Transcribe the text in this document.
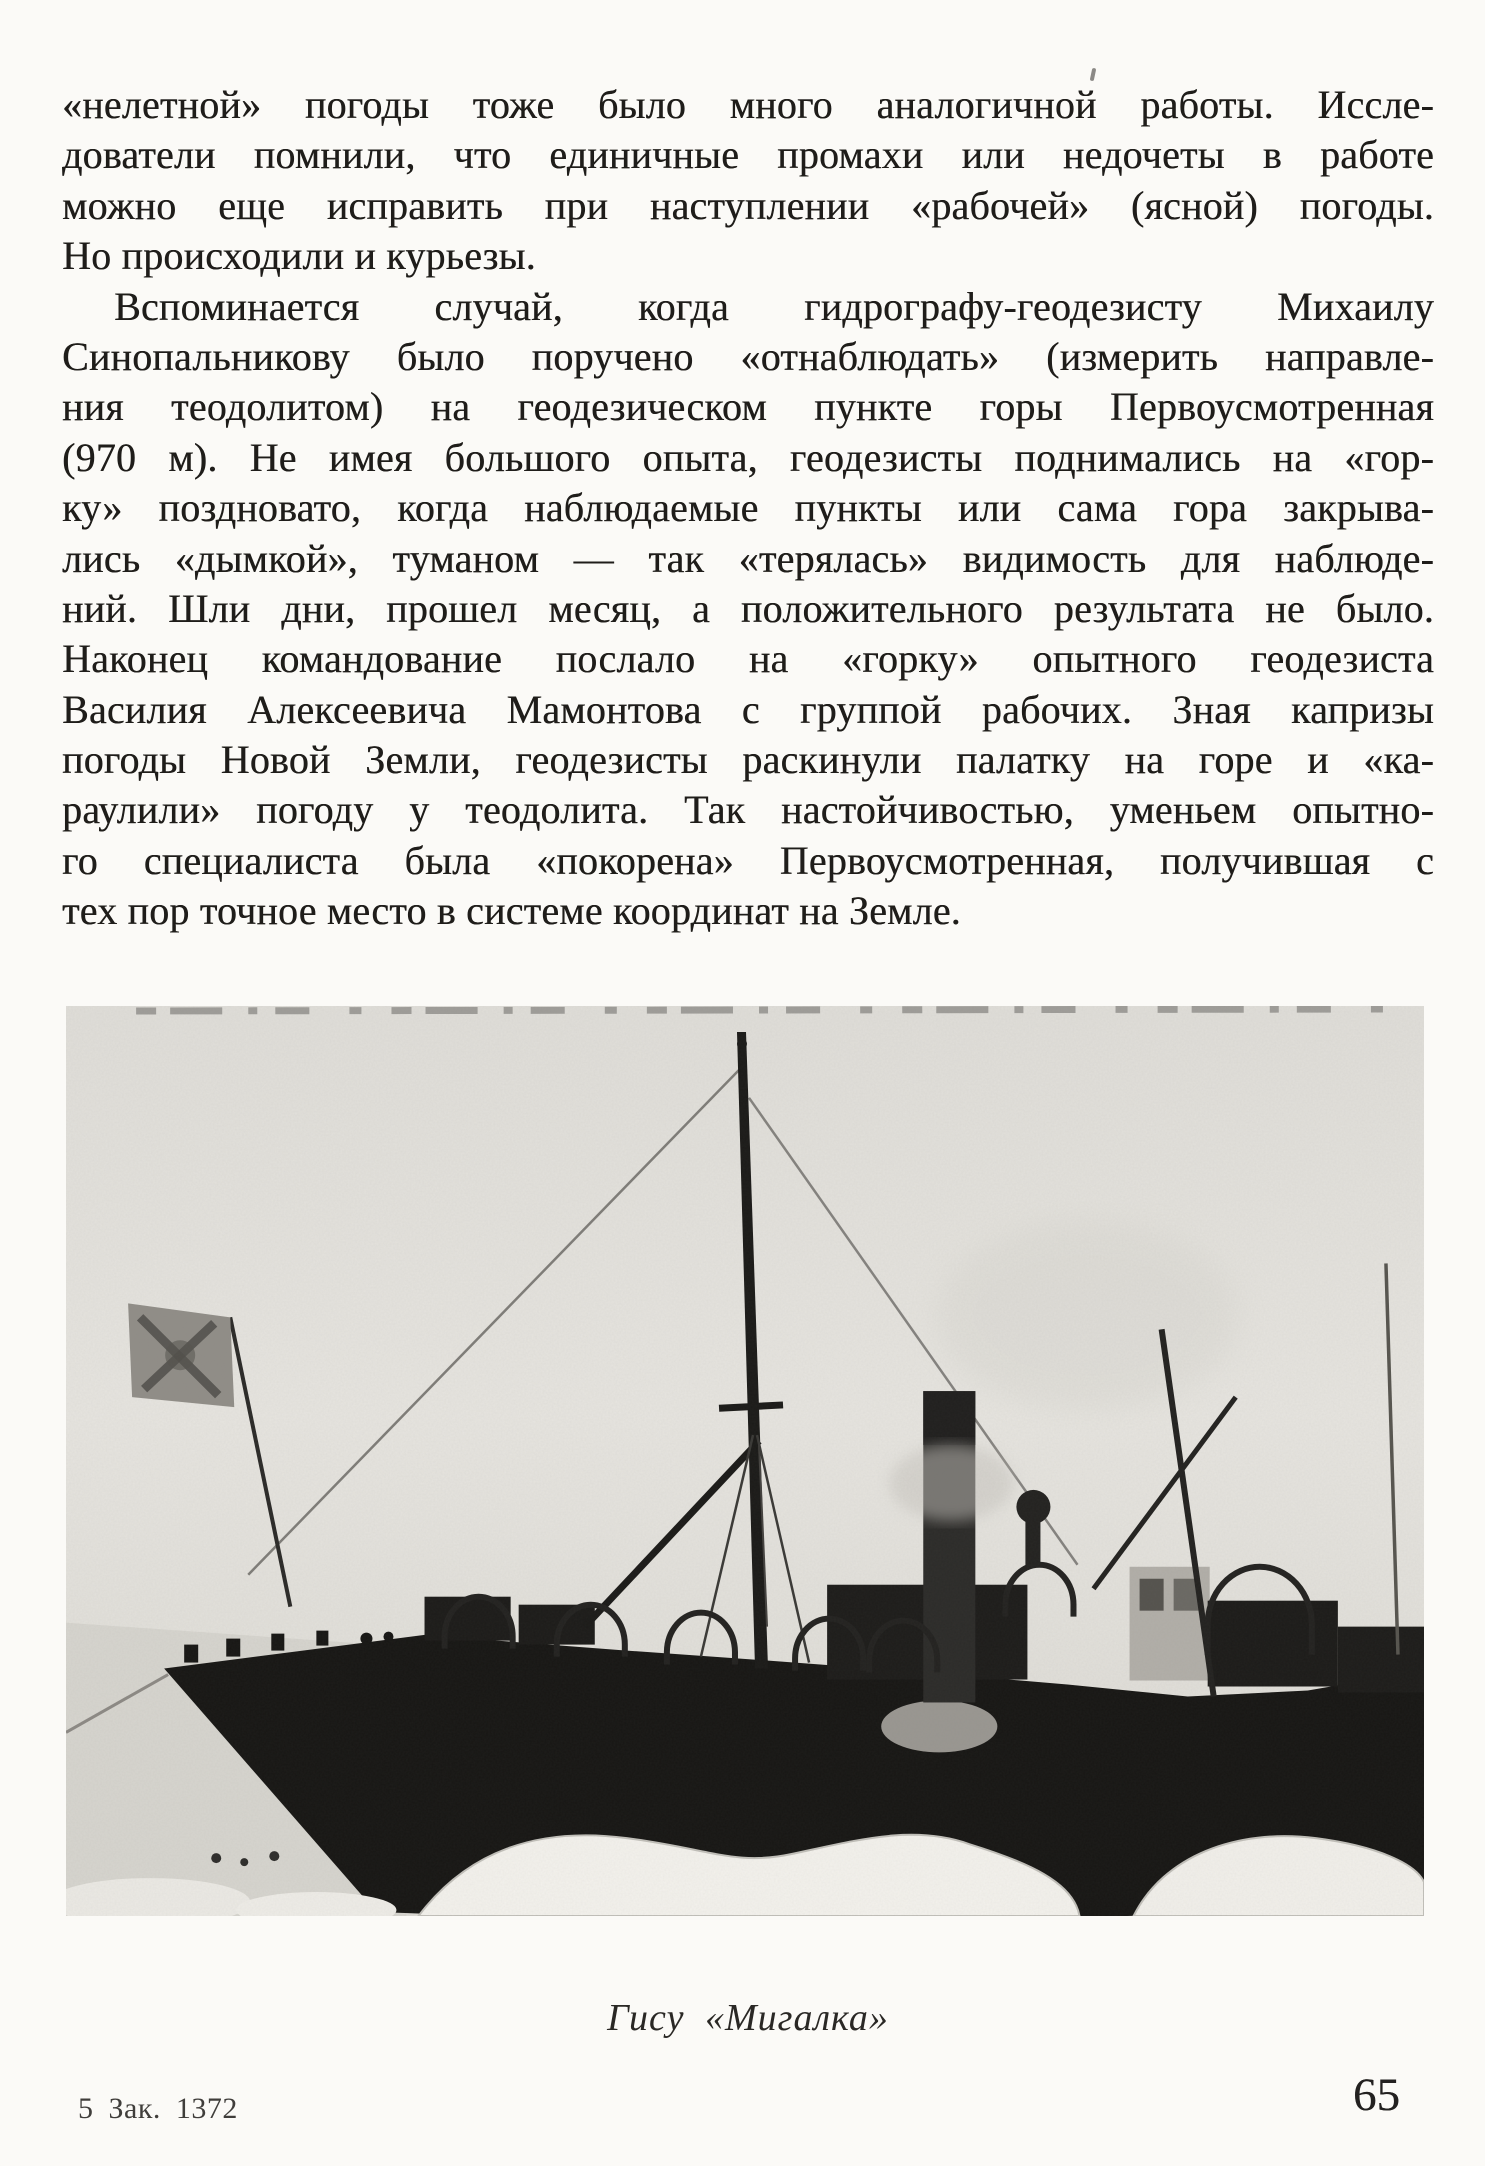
«нелетной» погоды тоже было много аналогичной работы. Иссле-
дователи помнили, что единичные промахи или недочеты в работе
можно еще исправить при наступлении «рабочей» (ясной) погоды.
Но происходили и курьезы.
Вспоминается случай, когда гидрографу-геодезисту Михаилу
Синопальникову было поручено «отнаблюдать» (измерить направле-
ния теодолитом) на геодезическом пункте горы Первоусмотренная
(970 м). Не имея большого опыта, геодезисты поднимались на «гор-
ку» поздновато, когда наблюдаемые пункты или сама гора закрыва-
лись «дымкой», туманом — так «терялась» видимость для наблюде-
ний. Шли дни, прошел месяц, а положительного результата не было.
Наконец командование послало на «горку» опытного геодезиста
Василия Алексеевича Мамонтова с группой рабочих. Зная капризы
погоды Новой Земли, геодезисты раскинули палатку на горе и «ка-
раулили» погоду у теодолита. Так настойчивостью, уменьем опытно-
го специалиста была «покорена» Первоусмотренная, получившая с
тех пор точное место в системе координат на Земле.
Гису «Мигалка»
5 Зак. 1372	65
